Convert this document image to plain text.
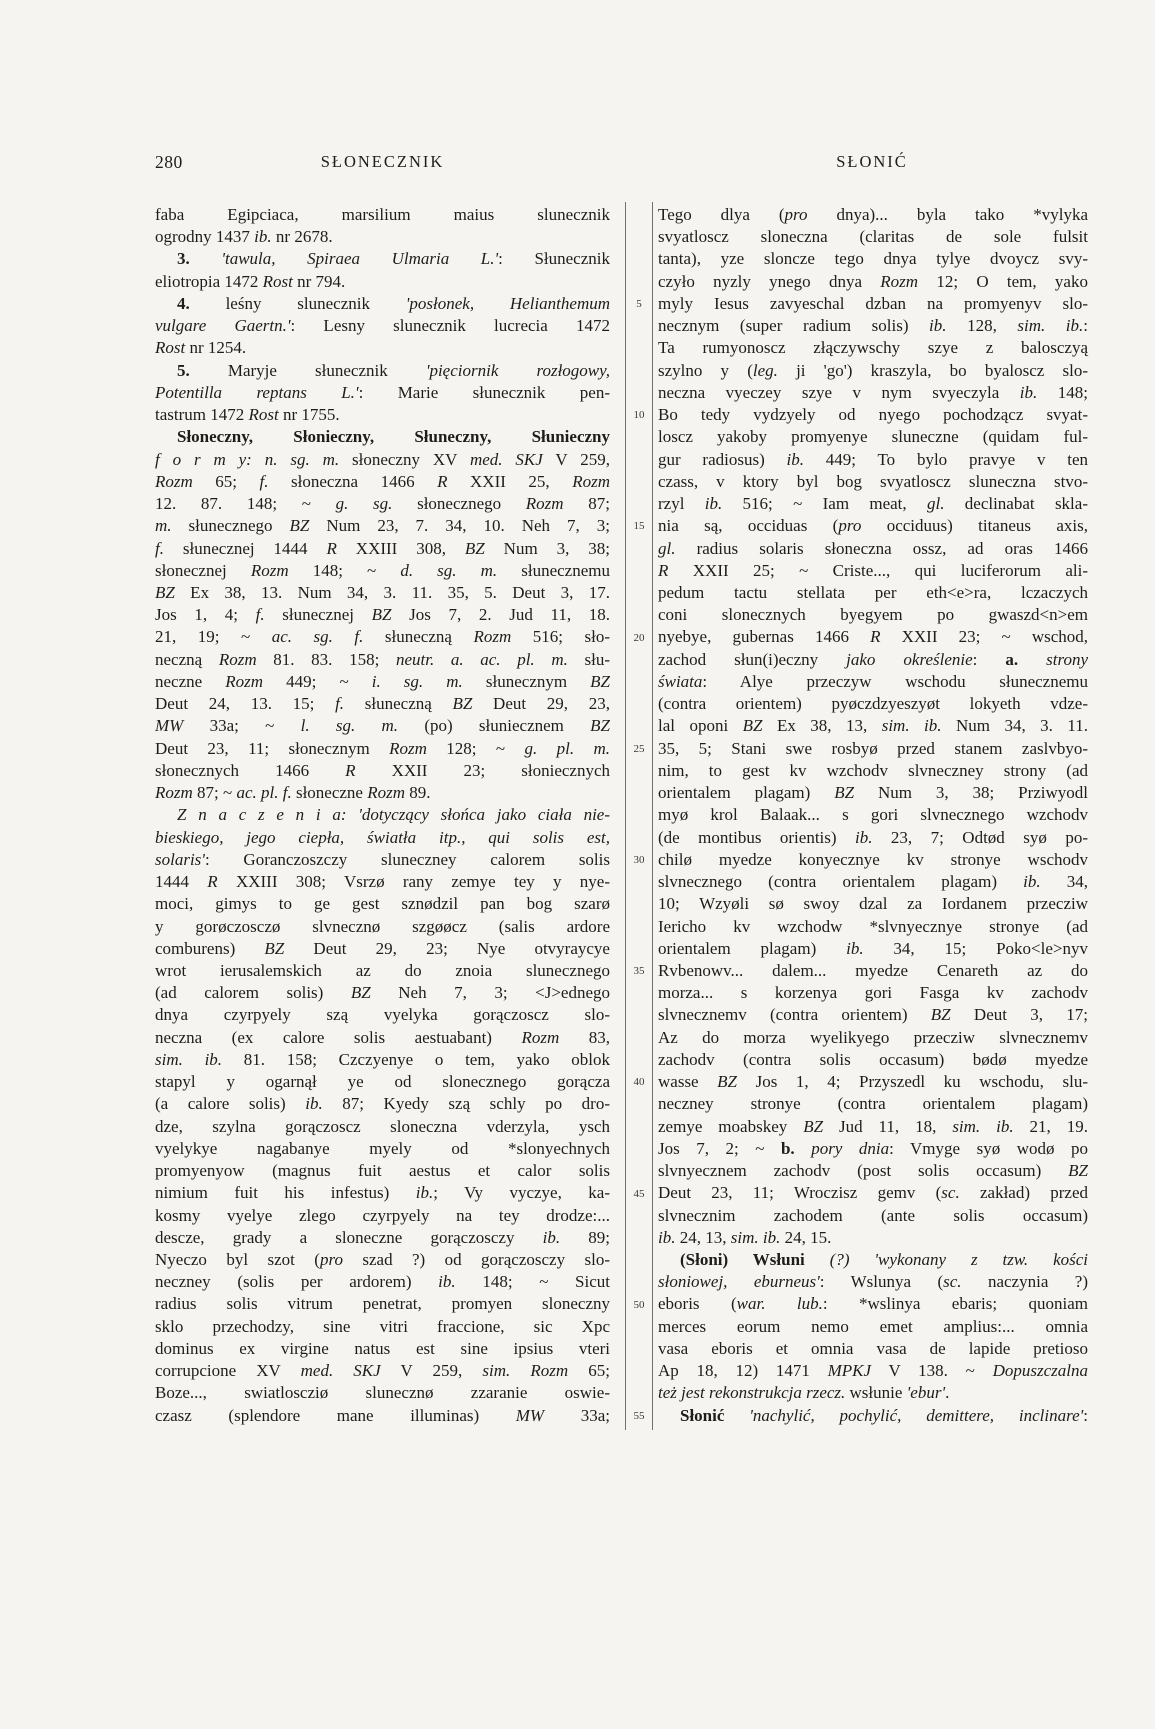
280	SŁONECZNIK	SŁONIĆ
5
10
15
20
25
30
35
40
45
50
55
faba Egipciaca, marsilium maius slunecznik
ogrodny 1437 ib. nr 2678.
3. 'tawula, Spiraea Ulmaria L.': Słunecznik
eliotropia 1472 Rost nr 794.
4. leśny slunecznik 'posłonek, Helianthemum
vulgare Gaertn.': Lesny slunecznik lucrecia 1472
Rost nr 1254.
5. Maryje słunecznik 'pięciornik rozłogowy,
Potentilla reptans L.': Marie słunecznik pen-
tastrum 1472 Rost nr 1755.
Słoneczny, Słonieczny, Słuneczny, Słunieczny
f o r m y: n. sg. m. słoneczny XV med. SKJ V 259,
Rozm 65; f. słoneczna 1466 R XXII 25, Rozm
12. 87. 148; ~ g. sg. słonecznego Rozm 87;
m. słunecznego BZ Num 23, 7. 34, 10. Neh 7, 3;
f. słunecznej 1444 R XXIII 308, BZ Num 3, 38;
słonecznej Rozm 148; ~ d. sg. m. słunecznemu
BZ Ex 38, 13. Num 34, 3. 11. 35, 5. Deut 3, 17.
Jos 1, 4; f. słunecznej BZ Jos 7, 2. Jud 11, 18.
21, 19; ~ ac. sg. f. słuneczną Rozm 516; sło-
neczną Rozm 81. 83. 158; neutr. a. ac. pl. m. słu-
neczne Rozm 449; ~ i. sg. m. słunecznym BZ
Deut 24, 13. 15; f. słuneczną BZ Deut 29, 23,
MW 33a; ~ l. sg. m. (po) słuniecznem BZ
Deut 23, 11; słonecznym Rozm 128; ~ g. pl. m.
słonecznych 1466 R XXII 23; słoniecznych
Rozm 87; ~ ac. pl. f. słoneczne Rozm 89.
Z n a c z e n i a: 'dotyczący słońca jako ciała nie-
bieskiego, jego ciepła, światła itp., qui solis est,
solaris': Goranczoszczy sluneczney calorem solis
1444 R XXIII 308; Vsrzø rany zemye tey y nye-
moci, gimys to ge gest sznødzil pan bog szarø
y gorøczosczø slvnecznø szgøøcz (salis ardore
comburens) BZ Deut 29, 23; Nye otvyraycye
wrot ierusalemskich az do znoia slunecznego
(ad calorem solis) BZ Neh 7, 3; <J>ednego
dnya czyrpyely szą vyelyka gorączoscz slo-
neczna (ex calore solis aestuabant) Rozm 83,
sim. ib. 81. 158; Czczyenye o tem, yako oblok
stapyl y ogarnął ye od slonecznego gorącza
(a calore solis) ib. 87; Kyedy szą schly po dro-
dze, szylna gorączoscz sloneczna vderzyla, ysch
vyelykye nagabanye myely od *slonyechnych
promyenyow (magnus fuit aestus et calor solis
nimium fuit his infestus) ib.; Vy vyczye, ka-
kosmy vyelye zlego czyrpyely na tey drodze:...
descze, grady a sloneczne gorączosczy ib. 89;
Nyeczo byl szot (pro szad ?) od gorączosczy slo-
neczney (solis per ardorem) ib. 148; ~ Sicut
radius solis vitrum penetrat, promyen sloneczny
sklo przechodzy, sine vitri fraccione, sic Xpc
dominus ex virgine natus est sine ipsius vteri
corrupcione XV med. SKJ V 259, sim. Rozm 65;
Boze..., swiatloscziø slunecznø zzaranie oswie-
czasz (splendore mane illuminas) MW 33a;
Tego dlya (pro dnya)... byla tako *vylyka
svyatloscz sloneczna (claritas de sole fulsit
tanta), yze sloncze tego dnya tylye dvoycz svy-
czyło nyzly ynego dnya Rozm 12; O tem, yako
myly Iesus zavyeschal dzban na promyenyv slo-
necznym (super radium solis) ib. 128, sim. ib.:
Ta rumyonoscz złączywschy szye z balosczyą
szylno y (leg. ji 'go') kraszyla, bo byaloscz slo-
neczna vyeczey szye v nym svyeczyla ib. 148;
Bo tedy vydzyely od nyego pochodzącz svyat-
loscz yakoby promyenye sluneczne (quidam ful-
gur radiosus) ib. 449; To bylo pravye v ten
czass, v ktory byl bog svyatloscz sluneczna stvo-
rzyl ib. 516; ~ Iam meat, gl. declinabat skla-
nia są, occiduas (pro occiduus) titaneus axis,
gl. radius solaris słoneczna ossz, ad oras 1466
R XXII 25; ~ Criste..., qui luciferorum ali-
pedum tactu stellata per eth<e>ra, lczaczych
coni slonecznych byegyem po gwaszd<n>em
nyebye, gubernas 1466 R XXII 23; ~ wschod,
zachod słun(i)eczny jako określenie: a. strony
świata: Alye przeczyw wschodu słunecznemu
(contra orientem) pyøczdzyeszyøt lokyeth vdze-
lal oponi BZ Ex 38, 13, sim. ib. Num 34, 3. 11.
35, 5; Stani swe rosbyø przed stanem zaslvbyo-
nim, to gest kv wzchodv slvneczney strony (ad
orientalem plagam) BZ Num 3, 38; Prziwyodl
myø krol Balaak... s gori slvnecznego wzchodv
(de montibus orientis) ib. 23, 7; Odtød syø po-
chilø myedze konyecznye kv stronye wschodv
slvnecznego (contra orientalem plagam) ib. 34,
10; Wzyøli sø swoy dzal za Iordanem przecziw
Iericho kv wzchodw *slvnyecznye stronye (ad
orientalem plagam) ib. 34, 15; Poko<le>nyv
Rvbenowv... dalem... myedze Cenareth az do
morza... s korzenya gori Fasga kv zachodv
slvnecznemv (contra orientem) BZ Deut 3, 17;
Az do morza wyelikyego przecziw slvnecznemv
zachodv (contra solis occasum) bødø myedze
wasse BZ Jos 1, 4; Przyszedl ku wschodu, slu-
neczney stronye (contra orientalem plagam)
zemye moabskey BZ Jud 11, 18, sim. ib. 21, 19.
Jos 7, 2; ~ b. pory dnia: Vmyge syø wodø po
slvnyecznem zachodv (post solis occasum) BZ
Deut 23, 11; Wroczisz gemv (sc. zakład) przed
slvnecznim zachodem (ante solis occasum)
ib. 24, 13, sim. ib. 24, 15.
(Słoni) Wsłuni (?) 'wykonany z tzw. kości
słoniowej, eburneus': Wslunya (sc. naczynia ?)
eboris (war. lub.: *wslinya ebaris; quoniam
merces eorum nemo emet amplius:... omnia
vasa eboris et omnia vasa de lapide pretioso
Ap 18, 12) 1471 MPKJ V 138. ~ Dopuszczalna
też jest rekonstrukcja rzecz. wsłunie 'ebur'.
Słonić 'nachylić, pochylić, demittere, inclinare':
